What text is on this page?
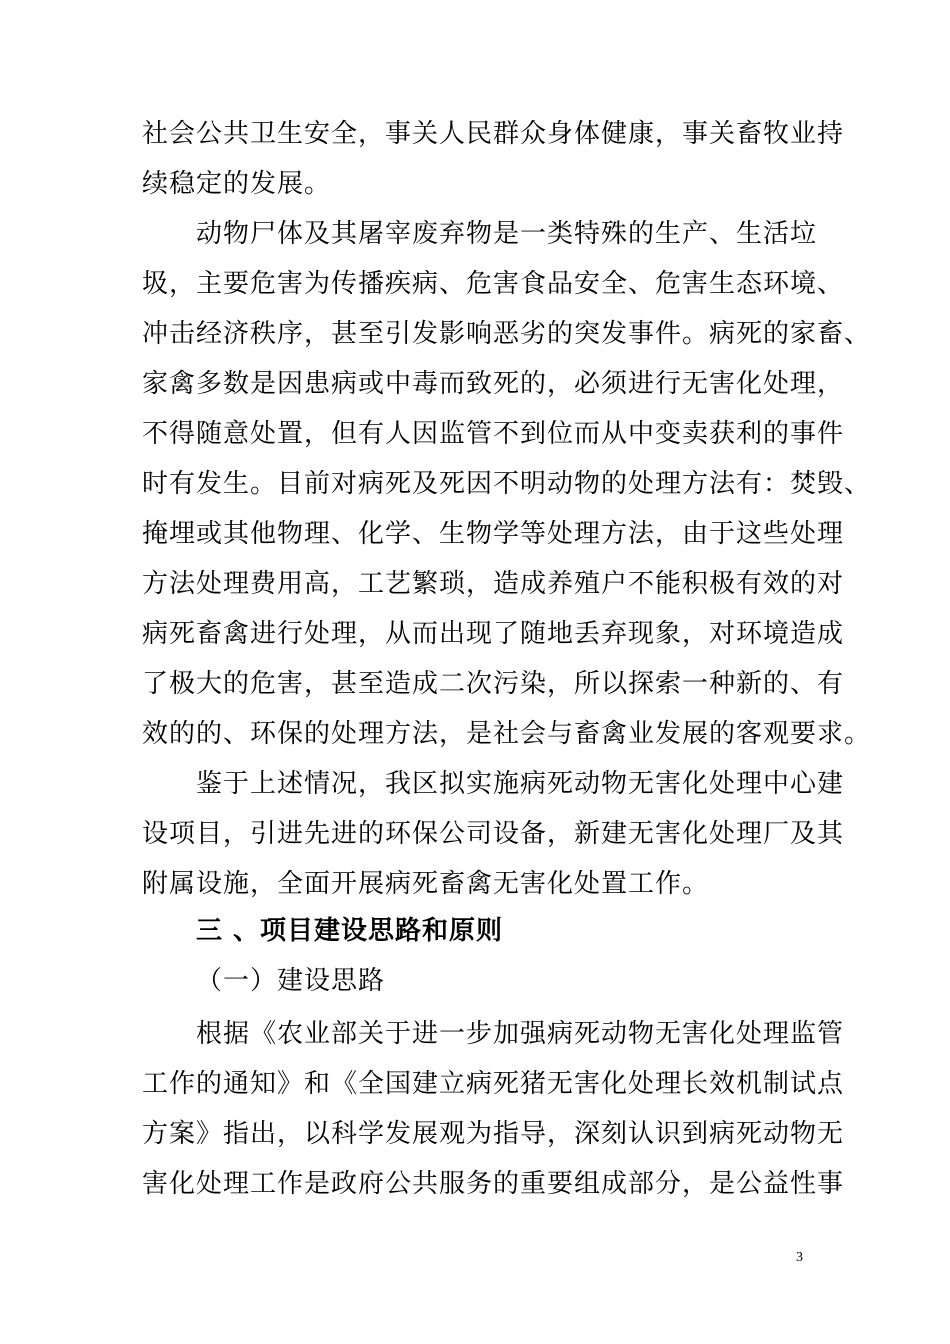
社会公共卫生安全，事关人民群众身体健康，事关畜牧业持
续稳定的发展。
动物尸体及其屠宰废弃物是一类特殊的生产、生活垃
圾，主要危害为传播疾病、危害食品安全、危害生态环境、
冲击经济秩序，甚至引发影响恶劣的突发事件。病死的家畜、
家禽多数是因患病或中毒而致死的，必须进行无害化处理，
不得随意处置，但有人因监管不到位而从中变卖获利的事件
时有发生。目前对病死及死因不明动物的处理方法有：焚毁、
掩埋或其他物理、化学、生物学等处理方法，由于这些处理
方法处理费用高，工艺繁琐，造成养殖户不能积极有效的对
病死畜禽进行处理，从而出现了随地丢弃现象，对环境造成
了极大的危害，甚至造成二次污染，所以探索一种新的、有
效的的、环保的处理方法，是社会与畜禽业发展的客观要求。
鉴于上述情况，我区拟实施病死动物无害化处理中心建
设项目，引进先进的环保公司设备，新建无害化处理厂及其
附属设施，全面开展病死畜禽无害化处置工作。
三 、项目建设思路和原则
（一）建设思路
根据《农业部关于进一步加强病死动物无害化处理监管
工作的通知》和《全国建立病死猪无害化处理长效机制试点
方案》指出，以科学发展观为指导，深刻认识到病死动物无
害化处理工作是政府公共服务的重要组成部分，是公益性事
3
